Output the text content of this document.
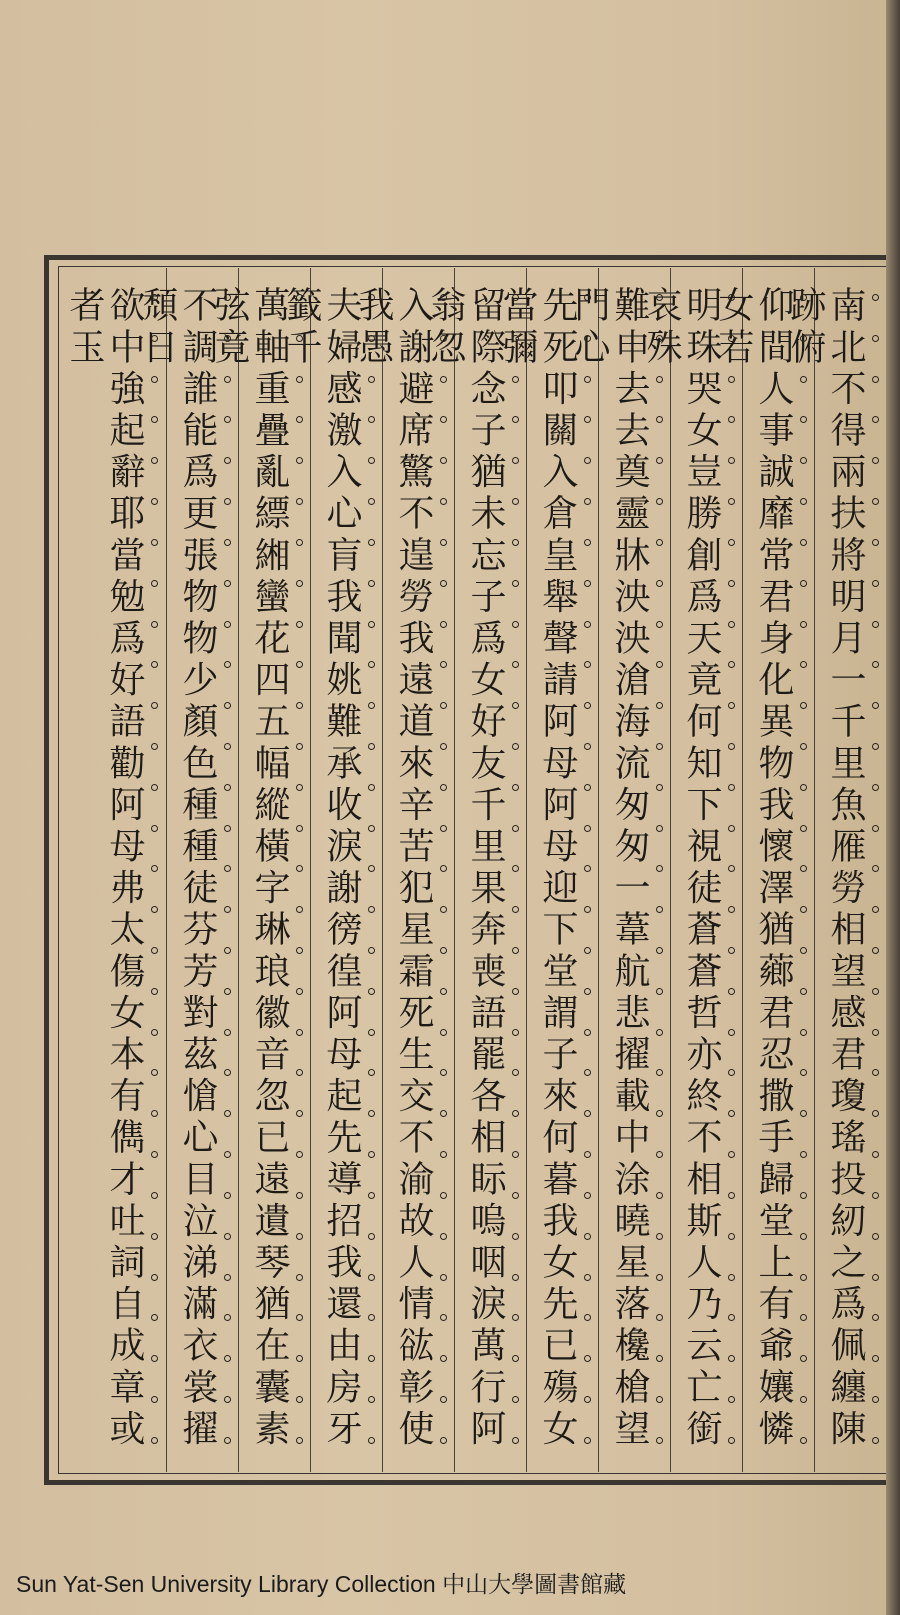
南北不得兩扶將明月一千里魚雁勞相望感君瓊瑤投紉之爲佩纏陳跡俯
仰間人事誠靡常君身化異物我懷澤猶薌君忍撒手歸堂上有爺孃憐女若
明珠哭女豈勝創爲天竟何知下視徒蒼蒼哲亦終不相斯人乃云亡銜哀殊
難申去去奠靈牀泱泱滄海流匆匆一葦航悲擢載中涂曉星落欃槍望門心
先死叩關入倉皇舉聲請阿母阿母迎下堂謂子來何暮我女先已殤女當彌
留際念子猶未忘子爲女好友千里果奔喪語罷各相眎嗚咽淚萬行阿翁忽
入謝避席驚不遑勞我遠道來辛苦犯星霜死生交不渝故人情谹彰使我愚
夫婦感激入心肓我聞姚難承收淚謝徬徨阿母起先導招我還由房牙籤千
萬軸重疊亂縹緗蠻花四五幅縱橫字琳琅徽音忽已遠遺琴猶在囊素弦竟
不調誰能爲更張物物少顏色種種徒芬芳對茲愴心目泣涕滿衣裳擢頹日
欲中強起辭耶當勉爲好語勸阿母弗太傷女本有儁才吐詞自成章或者玉
Sun Yat-Sen University Library Collection 中山大學圖書館藏
